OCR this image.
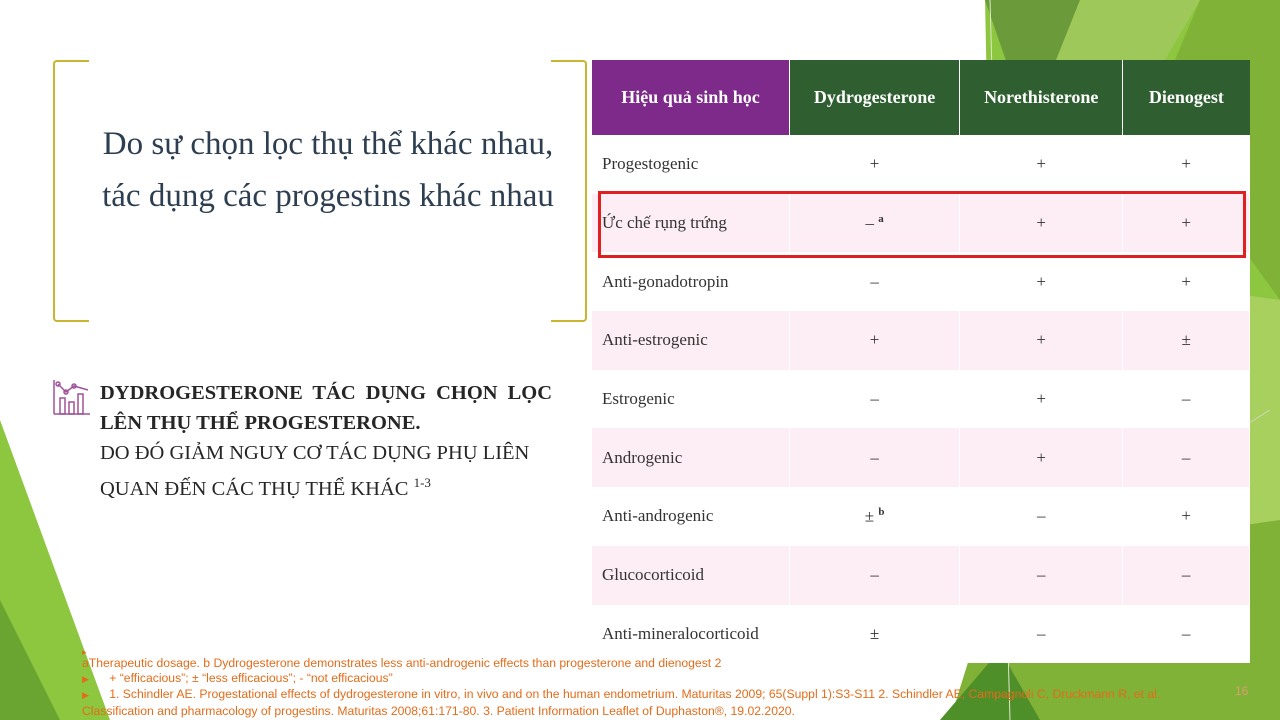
Do sự chọn lọc thụ thể khác nhau, tác dụng các progestins khác nhau
DYDROGESTERONE TÁC DỤNG CHỌN LỌC LÊN THỤ THỂ PROGESTERONE.
DO ĐÓ GIẢM NGUY CƠ TÁC DỤNG PHỤ LIÊN QUAN ĐẾN CÁC THỤ THỂ KHÁC $^{1-3}$
Hiệu quả sinh học	Dydrogesterone	Norethisterone	Dienogest
Progestogenic	+	+	+
Ức chế rụng trứng	– $^a$	+	+
Anti-gonadotropin	–	+	+
Anti-estrogenic	+	+	±
Estrogenic	–	+	–
Androgenic	–	+	–
Anti-androgenic	± $^b$	–	+
Glucocorticoid	–	–	–
Anti-mineralocorticoid	±	–	–
▸
aTherapeutic dosage. b Dydrogesterone demonstrates less anti-androgenic effects than progesterone and dienogest 2
▶ + “efficacious”; ± “less efficacious”; - “not efficacious”
▶ 1. Schindler AE. Progestational effects of dydrogesterone in vitro, in vivo and on the human endometrium. Maturitas 2009; 65(Suppl 1):S3-S11 2. Schindler AE, Campagnoli C, Druckmann R, et al. Classification and pharmacology of progestins. Maturitas 2008;61:171-80. 3. Patient Information Leaflet of Duphaston®, 19.02.2020.
16
